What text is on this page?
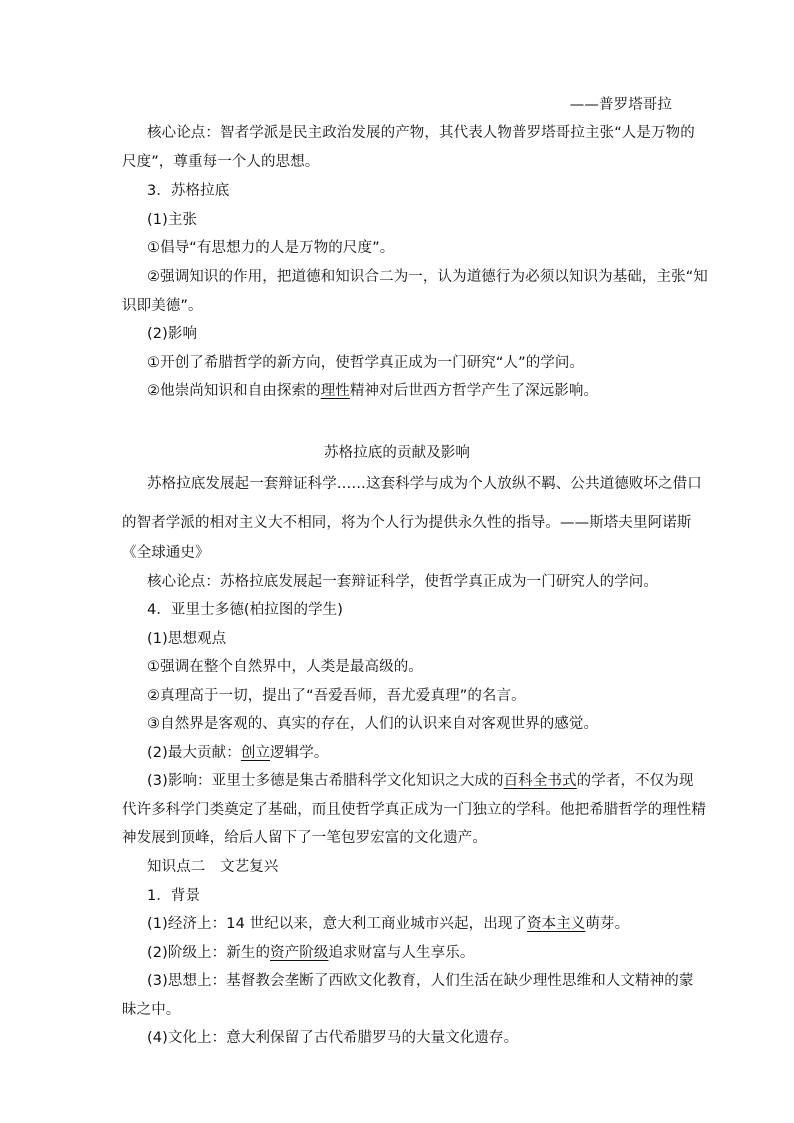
——普罗塔哥拉

核心论点：智者学派是民主政治发展的产物，其代表人物普罗塔哥拉主张“人是万物的

尺度”，尊重每一个人的思想。

3．苏格拉底

(1)主张

①倡导“有思想力的人是万物的尺度”。

②强调知识的作用，把道德和知识合二为一，认为道德行为必须以知识为基础，主张“知

识即美德”。

(2)影响

①开创了希腊哲学的新方向，使哲学真正成为一门研究“人”的学问。

②他崇尚知识和自由探索的理性精神对后世西方哲学产生了深远影响。

苏格拉底的贡献及影响

苏格拉底发展起一套辩证科学……这套科学与成为个人放纵不羁、公共道德败坏之借口

的智者学派的相对主义大不相同，将为个人行为提供永久性的指导。——斯塔夫里阿诺斯

《全球通史》

核心论点：苏格拉底发展起一套辩证科学，使哲学真正成为一门研究人的学问。

4．亚里士多德(柏拉图的学生)

(1)思想观点

①强调在整个自然界中，人类是最高级的。

②真理高于一切，提出了“吾爱吾师，吾尤爱真理”的名言。

③自然界是客观的、真实的存在，人们的认识来自对客观世界的感觉。

(2)最大贡献：创立逻辑学。

(3)影响：亚里士多德是集古希腊科学文化知识之大成的百科全书式的学者，不仅为现

代许多科学门类奠定了基础，而且使哲学真正成为一门独立的学科。他把希腊哲学的理性精

神发展到顶峰，给后人留下了一笔包罗宏富的文化遗产。

知识点二　文艺复兴

1．背景

(1)经济上：14 世纪以来，意大利工商业城市兴起，出现了资本主义萌芽。

(2)阶级上：新生的资产阶级追求财富与人生享乐。

(3)思想上：基督教会垄断了西欧文化教育，人们生活在缺少理性思维和人文精神的蒙

昧之中。

(4)文化上：意大利保留了古代希腊罗马的大量文化遗存。
